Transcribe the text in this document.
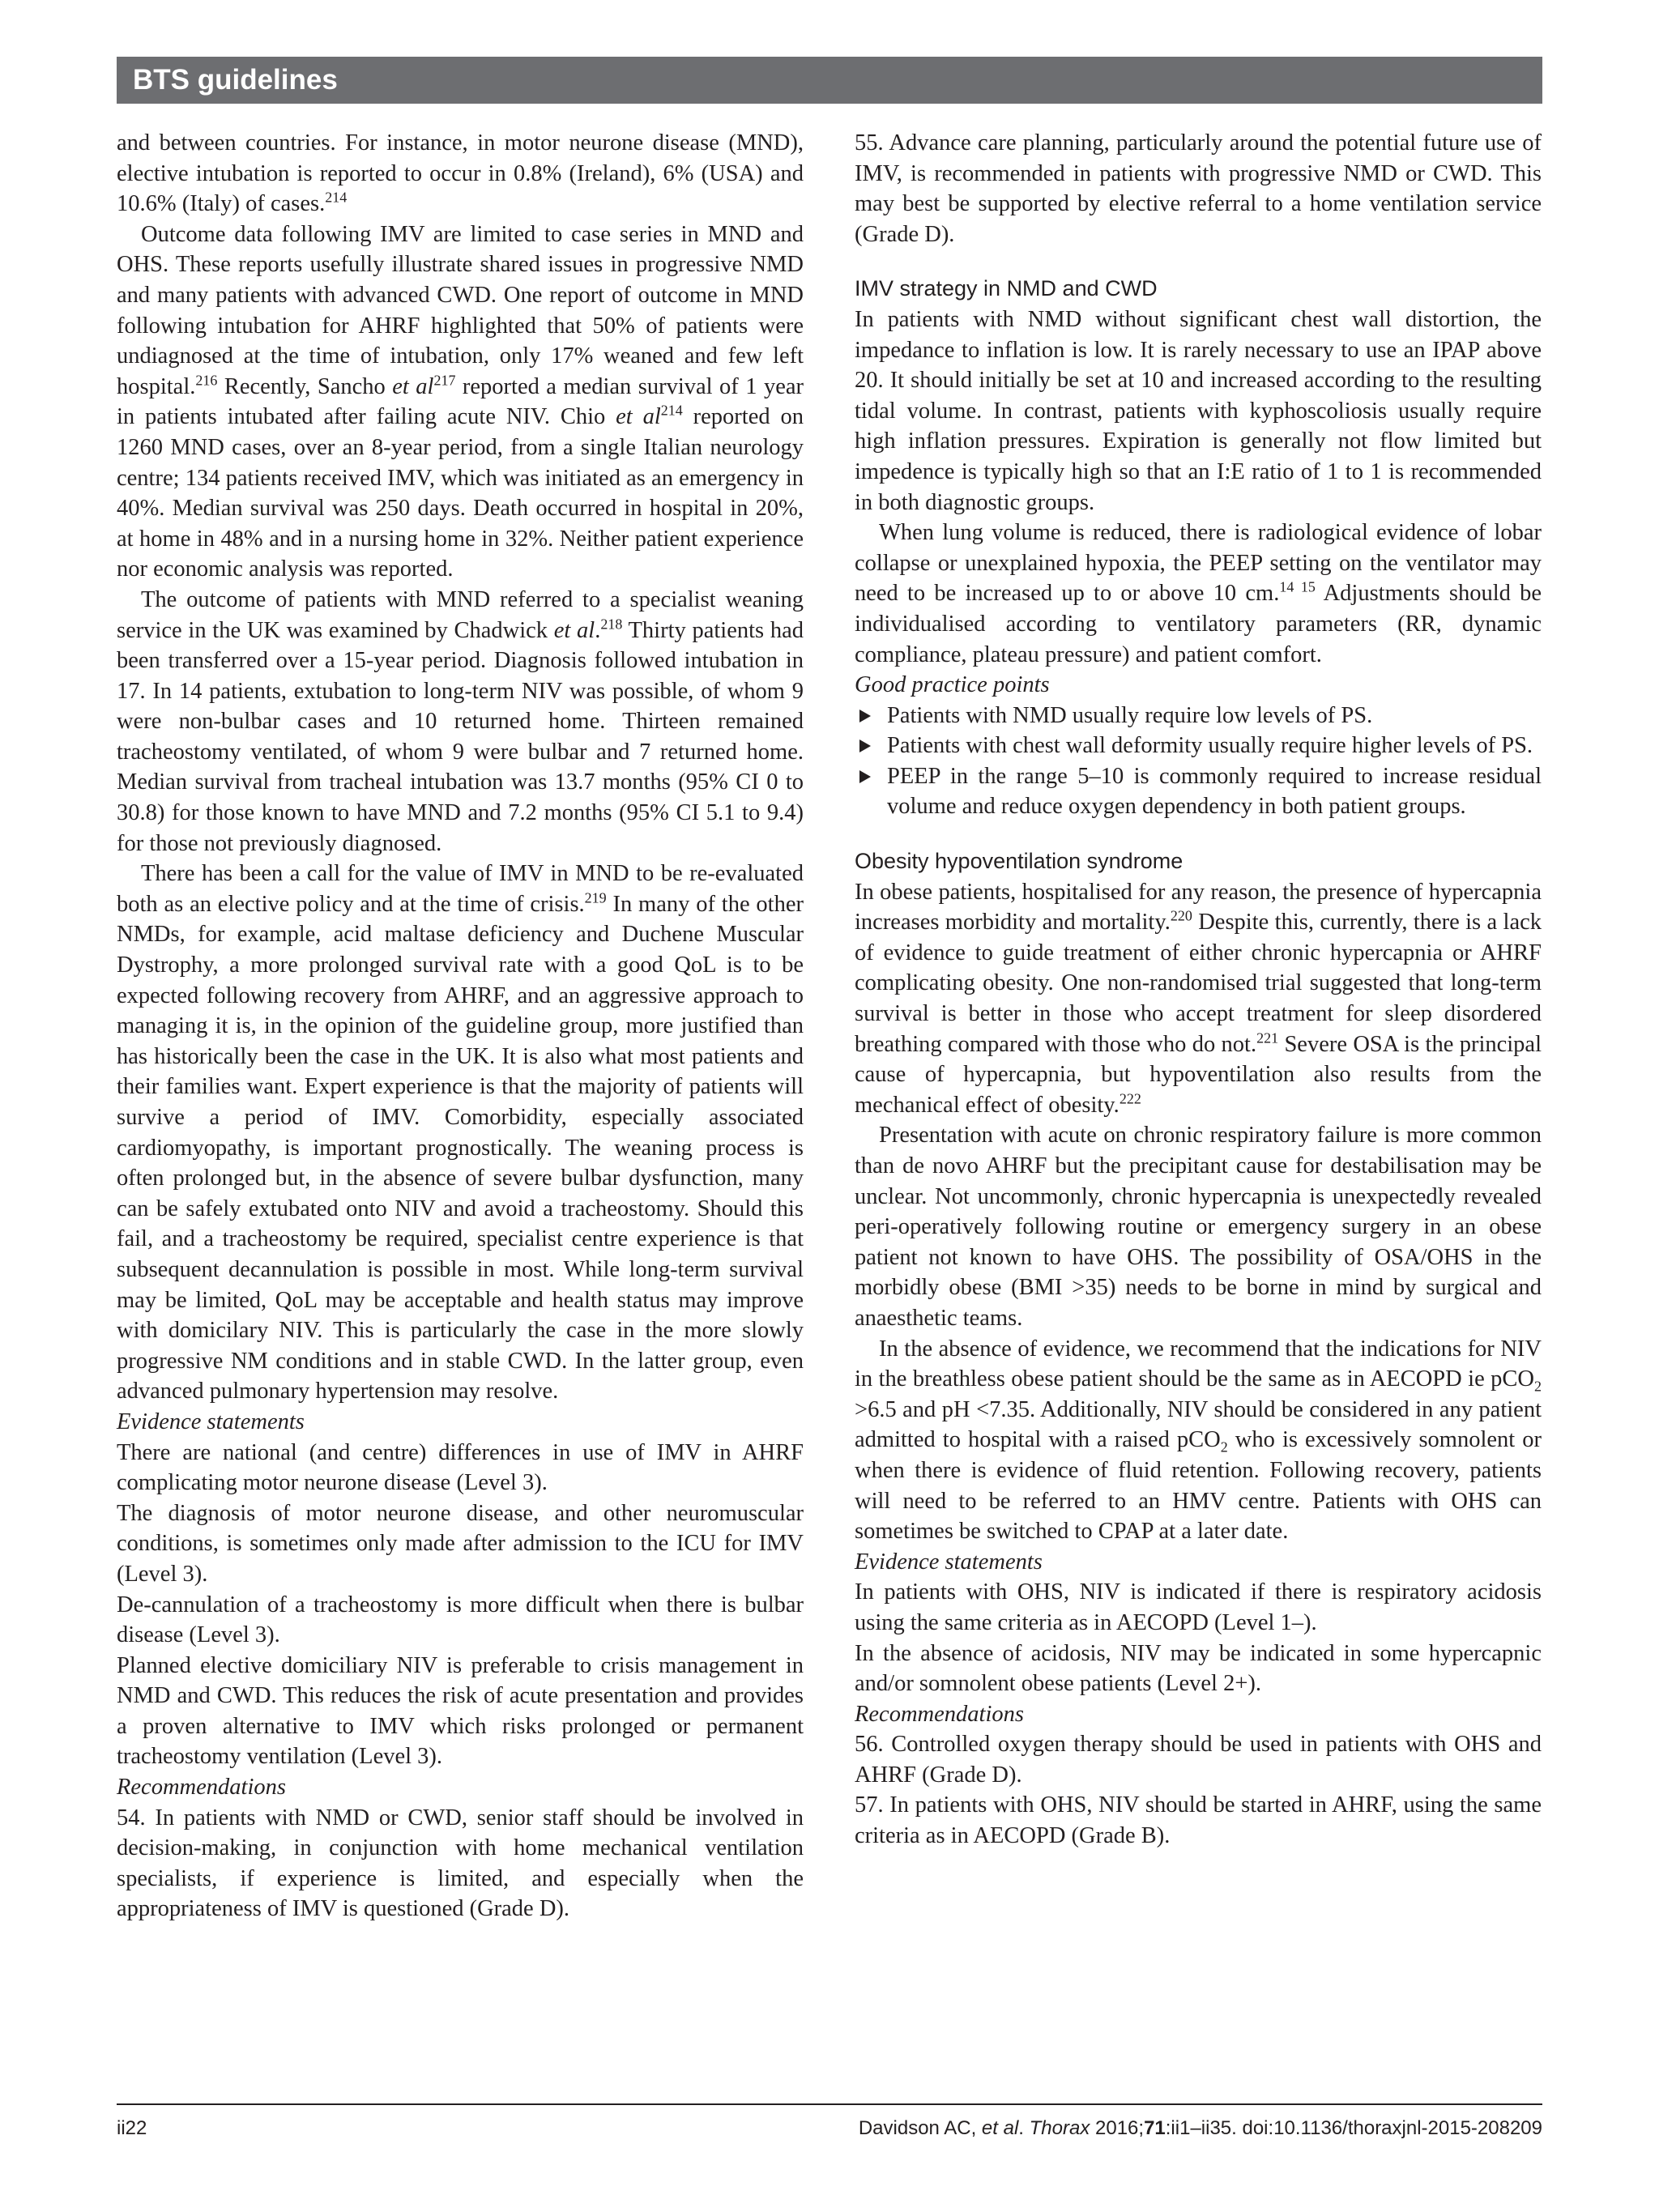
BTS guidelines

and between countries. For instance, in motor neurone disease (MND), elective intubation is reported to occur in 0.8% (Ireland), 6% (USA) and 10.6% (Italy) of cases.$^{214}$

Outcome data following IMV are limited to case series in MND and OHS. These reports usefully illustrate shared issues in progressive NMD and many patients with advanced CWD. One report of outcome in MND following intubation for AHRF highlighted that 50% of patients were undiagnosed at the time of intubation, only 17% weaned and few left hospital.$^{216}$ Recently, Sancho et $al^{217}$ reported a median survival of 1 year in patients intubated after failing acute NIV. Chio et $al^{214}$ reported on 1260 MND cases, over an 8-year period, from a single Italian neurology centre; 134 patients received IMV, which was initiated as an emergency in 40%. Median survival was 250 days. Death occurred in hospital in 20%, at home in 48% and in a nursing home in 32%. Neither patient experience nor economic analysis was reported.

The outcome of patients with MND referred to a specialist weaning service in the UK was examined by Chadwick et al.$^{218}$ Thirty patients had been transferred over a 15-year period. Diagnosis followed intubation in 17. In 14 patients, extubation to long-term NIV was possible, of whom 9 were non-bulbar cases and 10 returned home. Thirteen remained tracheostomy ventilated, of whom 9 were bulbar and 7 returned home. Median survival from tracheal intubation was 13.7 months (95% CI 0 to 30.8) for those known to have MND and 7.2 months (95% CI 5.1 to 9.4) for those not previously diagnosed.

There has been a call for the value of IMV in MND to be re-evaluated both as an elective policy and at the time of crisis.$^{219}$ In many of the other NMDs, for example, acid maltase deficiency and Duchene Muscular Dystrophy, a more prolonged survival rate with a good QoL is to be expected following recovery from AHRF, and an aggressive approach to managing it is, in the opinion of the guideline group, more justified than has historically been the case in the UK. It is also what most patients and their families want. Expert experience is that the majority of patients will survive a period of IMV. Comorbidity, especially associated cardiomyopathy, is important prognostically. The weaning process is often prolonged but, in the absence of severe bulbar dysfunction, many can be safely extubated onto NIV and avoid a tracheostomy. Should this fail, and a tracheostomy be required, specialist centre experience is that subsequent decannulation is possible in most. While long-term survival may be limited, QoL may be acceptable and health status may improve with domicilary NIV. This is particularly the case in the more slowly progressive NM conditions and in stable CWD. In the latter group, even advanced pulmonary hypertension may resolve.

Evidence statements

There are national (and centre) differences in use of IMV in AHRF complicating motor neurone disease (Level 3).

The diagnosis of motor neurone disease, and other neuromuscular conditions, is sometimes only made after admission to the ICU for IMV (Level 3).

De-cannulation of a tracheostomy is more difficult when there is bulbar disease (Level 3).

Planned elective domiciliary NIV is preferable to crisis management in NMD and CWD. This reduces the risk of acute presentation and provides a proven alternative to IMV which risks prolonged or permanent tracheostomy ventilation (Level 3).

Recommendations

54. In patients with NMD or CWD, senior staff should be involved in decision-making, in conjunction with home mechanical ventilation specialists, if experience is limited, and especially when the appropriateness of IMV is questioned (Grade D).

55. Advance care planning, particularly around the potential future use of IMV, is recommended in patients with progressive NMD or CWD. This may best be supported by elective referral to a home ventilation service (Grade D).

IMV strategy in NMD and CWD

In patients with NMD without significant chest wall distortion, the impedance to inflation is low. It is rarely necessary to use an IPAP above 20. It should initially be set at 10 and increased according to the resulting tidal volume. In contrast, patients with kyphoscoliosis usually require high inflation pressures. Expiration is generally not flow limited but impedence is typically high so that an I:E ratio of 1 to 1 is recommended in both diagnostic groups.

When lung volume is reduced, there is radiological evidence of lobar collapse or unexplained hypoxia, the PEEP setting on the ventilator may need to be increased up to or above 10 cm.$^{14 15}$ Adjustments should be individualised according to ventilatory parameters (RR, dynamic compliance, plateau pressure) and patient comfort.

Good practice points

Patients with NMD usually require low levels of PS.

Patients with chest wall deformity usually require higher levels of PS.

PEEP in the range 5–10 is commonly required to increase residual volume and reduce oxygen dependency in both patient groups.

Obesity hypoventilation syndrome

In obese patients, hospitalised for any reason, the presence of hypercapnia increases morbidity and mortality.$^{220}$ Despite this, currently, there is a lack of evidence to guide treatment of either chronic hypercapnia or AHRF complicating obesity. One non-randomised trial suggested that long-term survival is better in those who accept treatment for sleep disordered breathing compared with those who do not.$^{221}$ Severe OSA is the principal cause of hypercapnia, but hypoventilation also results from the mechanical effect of obesity.$^{222}$

Presentation with acute on chronic respiratory failure is more common than de novo AHRF but the precipitant cause for destabilisation may be unclear. Not uncommonly, chronic hypercapnia is unexpectedly revealed peri-operatively following routine or emergency surgery in an obese patient not known to have OHS. The possibility of OSA/OHS in the morbidly obese (BMI >35) needs to be borne in mind by surgical and anaesthetic teams.

In the absence of evidence, we recommend that the indications for NIV in the breathless obese patient should be the same as in AECOPD ie pCO$_2$ >6.5 and pH <7.35. Additionally, NIV should be considered in any patient admitted to hospital with a raised pCO$_2$ who is excessively somnolent or when there is evidence of fluid retention. Following recovery, patients will need to be referred to an HMV centre. Patients with OHS can sometimes be switched to CPAP at a later date.

Evidence statements

In patients with OHS, NIV is indicated if there is respiratory acidosis using the same criteria as in AECOPD (Level 1–).

In the absence of acidosis, NIV may be indicated in some hypercapnic and/or somnolent obese patients (Level 2+).

Recommendations

56. Controlled oxygen therapy should be used in patients with OHS and AHRF (Grade D).

57. In patients with OHS, NIV should be started in AHRF, using the same criteria as in AECOPD (Grade B).

ii22	Davidson AC, et al. Thorax 2016;71:ii1–ii35. doi:10.1136/thoraxjnl-2015-208209
